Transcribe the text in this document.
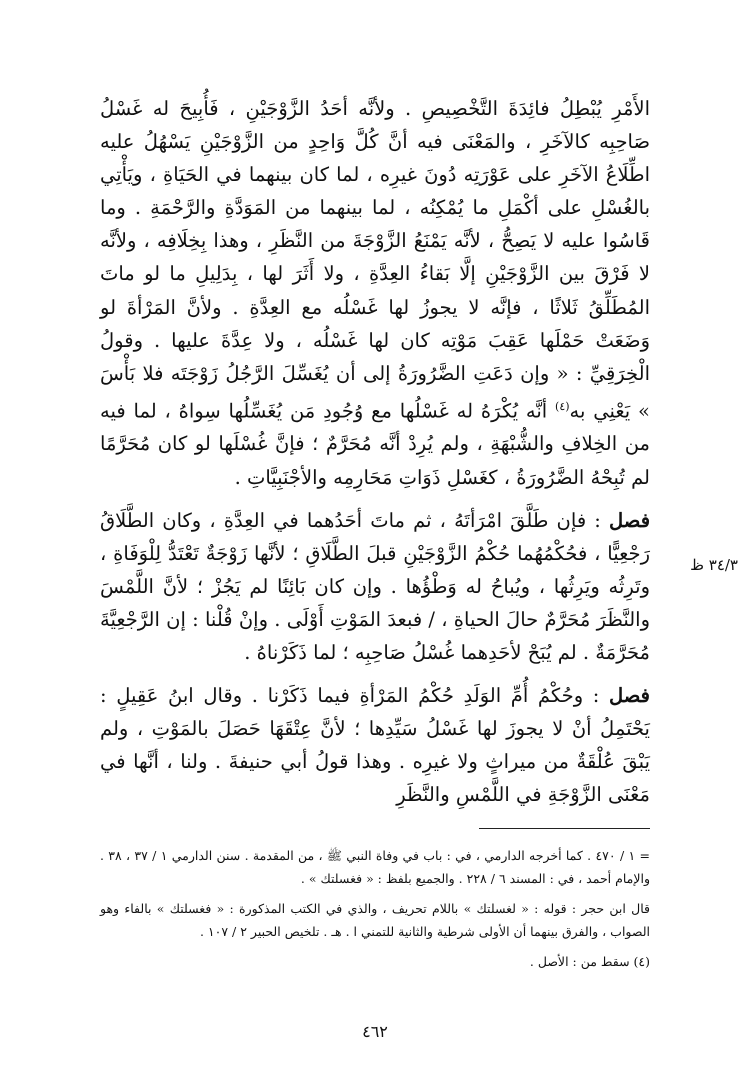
الأَمْرِ يُبْطِلُ فائِدَةَ التَّخْصِيصِ . ولأنَّه أحَدُ الزَّوْجَيْنِ ، فَأُبِيحَ له غَسْلُ صَاحِبِه كالآخَرِ ، والمَعْنَى فيه أنَّ كُلَّ وَاحِدٍ من الزَّوْجَيْنِ يَسْهُلُ عليه اطِّلَاعُ الآخَرِ على عَوْرَتِه دُونَ غيرِه ، لما كان بينهما في الحَيَاةِ ، ويَأْتِي بالغُسْلِ على أكْمَلِ ما يُمْكِنُه ، لما بينهما من المَوَدَّةِ والرَّحْمَةِ . وما قَاسُوا عليه لا يَصِحُّ ، لأنَّه يَمْنَعُ الزَّوْجَةَ من النَّظَرِ ، وهذا بِخِلَافِه ، ولأنَّه لا فَرْقَ بين الزَّوْجَيْنِ إلَّا بَقاءُ العِدَّةِ ، ولا أَثَرَ لها ، بِدَلِيلِ ما لو ماتَ المُطَلِّقُ ثَلاثًا ، فإنَّه لا يجوزُ لها غَسْلُه مع العِدَّةِ . ولأنَّ المَرْأةَ لو وَضَعَتْ حَمْلَها عَقِبَ مَوْتِه كان لها غَسْلُه ، ولا عِدَّةَ عليها . وقولُ الْخِرَقِيِّ : « وإن دَعَتِ الضَّرُورَةُ إلى أن يُغَسِّلَ الرَّجُلُ زَوْجَتَه فلا بَأْسَ » يَعْنِي به$^{(٤)}$ أنَّه يُكْرَهُ له غَسْلُها مع وُجُودِ مَن يُغَسِّلُها سِواهُ ، لما فيه من الخِلافِ والشُّبْهَةِ ، ولم يُرِدْ أنَّه مُحَرَّمٌ ؛ فإنَّ غُسْلَها لو كان مُحَرَّمًا لم تُبِحْهُ الضَّرُورَةُ ، كغَسْلِ ذَوَاتِ مَحَارِمِه والأجْنَبِيَّاتِ .

فصل : فإن طَلَّقَ امْرَأتَهُ ، ثم ماتَ أحَدُهما في العِدَّةِ ، وكان الطَّلَاقُ رَجْعِيًّا ، فحُكْمُهُما حُكْمُ الزَّوْجَيْنِ قبلَ الطَّلَاقِ ؛ لأنَّها زَوْجَةٌ تَعْتَدُّ لِلْوَفَاةِ ، وتَرِثُه ويَرِثُها ، ويُباحُ له وَطْؤُها . وإن كان بَائِنًا لم يَجُزْ ؛ لأنَّ اللَّمْسَ والنَّظَرَ مُحَرَّمٌ حالَ الحياةِ ، / فبعدَ المَوْتِ أَوْلَى . وإنْ قُلْنا : إن الرَّجْعِيَّةَ مُحَرَّمَةٌ . لم يُبَحْ لأحَدِهما غُسْلُ صَاحِبِه ؛ لما ذَكَرْناهُ .

فصل : وحُكْمُ أُمِّ الوَلَدِ حُكْمُ المَرْأةِ فيما ذَكَرْنا . وقال ابنُ عَقِيلٍ : يَحْتَمِلُ أنْ لا يجوزَ لها غَسْلُ سَيِّدِها ؛ لأنَّ عِتْقَهَا حَصَلَ بالمَوْتِ ، ولم يَبْقَ عُلْقَةٌ من ميراثٍ ولا غيرِه . وهذا قولُ أبي حنيفةَ . ولنا ، أنَّها في مَعْنَى الزَّوْجَةِ في اللَّمْسِ والنَّظَرِ

٣٤/٣ ظ

= ١ / ٤٧٠ . كما أخرجه الدارمي ، في : باب في وفاة النبي ﷺ ، من المقدمة . سنن الدارمي ١ / ٣٧ ، ٣٨ . والإمام أحمد ، في : المسند ٦ / ٢٢٨ . والجميع بلفظ : « فغسلتك » .

قال ابن حجر : قوله : « لغسلتك » باللام تحريف ، والذي في الكتب المذكورة : « فغسلتك » بالفاء وهو الصواب ، والفرق بينهما أن الأولى شرطية والثانية للتمني ا . هـ . تلخيص الحبير ٢ / ١٠٧ .

(٤) سقط من : الأصل .

٤٦٢
